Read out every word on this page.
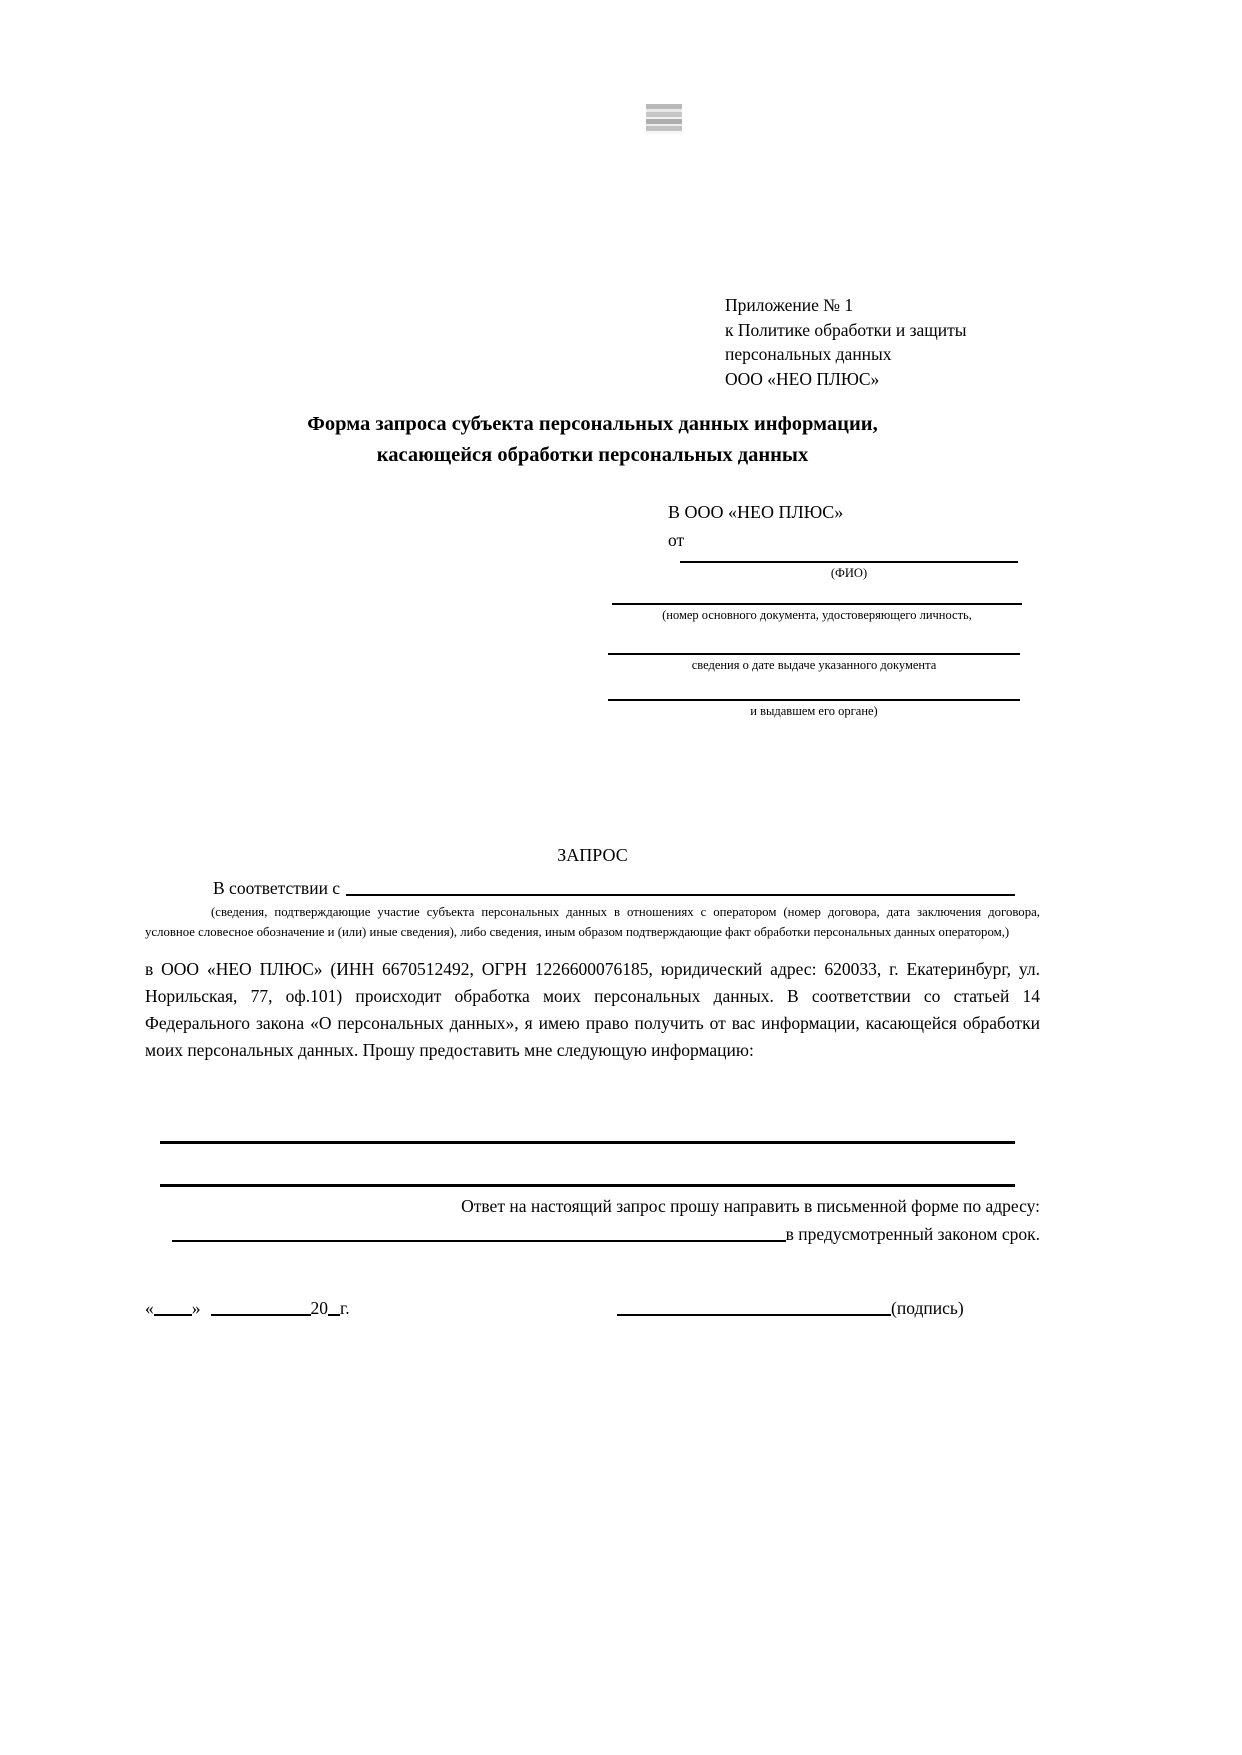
Приложение № 1
к Политике обработки и защиты
персональных данных
ООО «НЕО ПЛЮС»
Форма запроса субъекта персональных данных информации,
касающейся обработки персональных данных
В ООО «НЕО ПЛЮС»
от
(ФИО)
(номер основного документа, удостоверяющего личность,
сведения о дате выдаче указанного документа
и выдавшем его органе)
ЗАПРОС
В соответствии с
(сведения, подтверждающие участие субъекта персональных данных в отношениях с оператором (номер договора, дата заключения договора, условное словесное обозначение и (или) иные сведения), либо сведения, иным образом подтверждающие факт обработки персональных данных оператором,)
в ООО «НЕО ПЛЮС» (ИНН 6670512492, ОГРН 1226600076185, юридический адрес: 620033, г. Екатеринбург, ул. Норильская, 77, оф.101) происходит обработка моих персональных данных. В соответствии со статьей 14 Федерального закона «О персональных данных», я имею право получить от вас информации, касающейся обработки моих персональных данных. Прошу предоставить мне следующую информацию:
Ответ на настоящий запрос прошу направить в письменной форме по адресу:
в предусмотренный законом срок.
« »	20 г.	(подпись)
